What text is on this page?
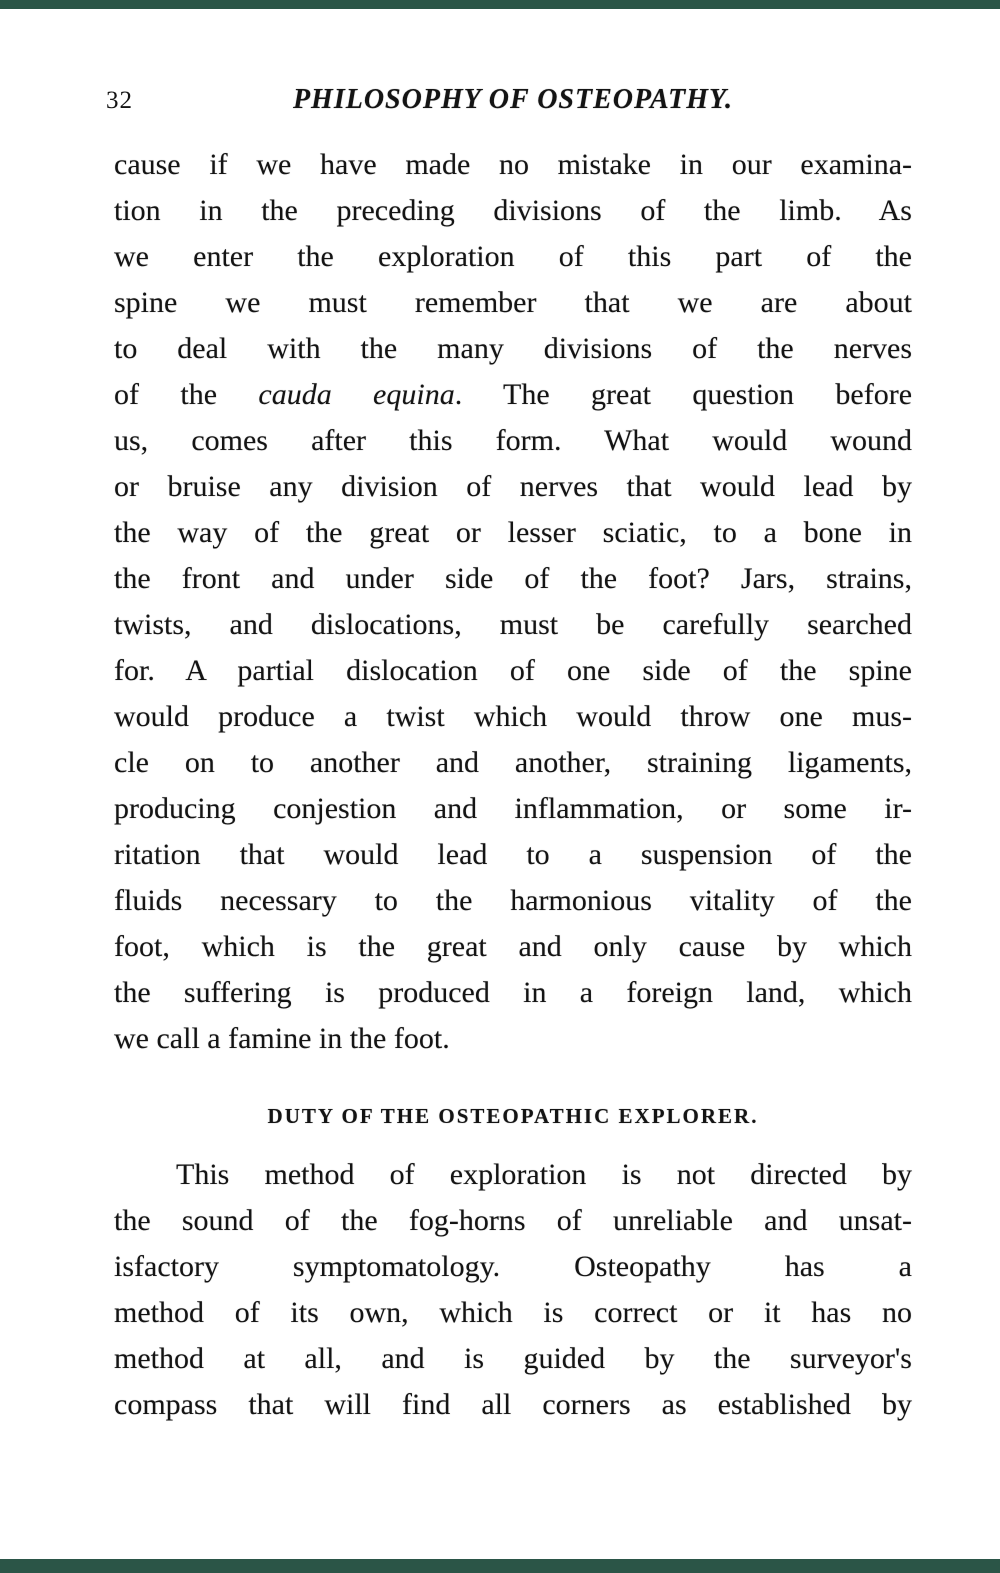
32	PHILOSOPHY OF OSTEOPATHY.
cause if we have made no mistake in our examina-
tion in the preceding divisions of the limb. As
we enter the exploration of this part of the
spine we must remember that we are about
to deal with the many divisions of the nerves
of the cauda equina. The great question before
us, comes after this form. What would wound
or bruise any division of nerves that would lead by
the way of the great or lesser sciatic, to a bone in
the front and under side of the foot? Jars, strains,
twists, and dislocations, must be carefully searched
for. A partial dislocation of one side of the spine
would produce a twist which would throw one mus-
cle on to another and another, straining ligaments,
producing conjestion and inflammation, or some ir-
ritation that would lead to a suspension of the
fluids necessary to the harmonious vitality of the
foot, which is the great and only cause by which
the suffering is produced in a foreign land, which
we call a famine in the foot.
DUTY OF THE OSTEOPATHIC EXPLORER.
This method of exploration is not directed by
the sound of the fog-horns of unreliable and unsat-
isfactory symptomatology. Osteopathy has a
method of its own, which is correct or it has no
method at all, and is guided by the surveyor's
compass that will find all corners as established by
